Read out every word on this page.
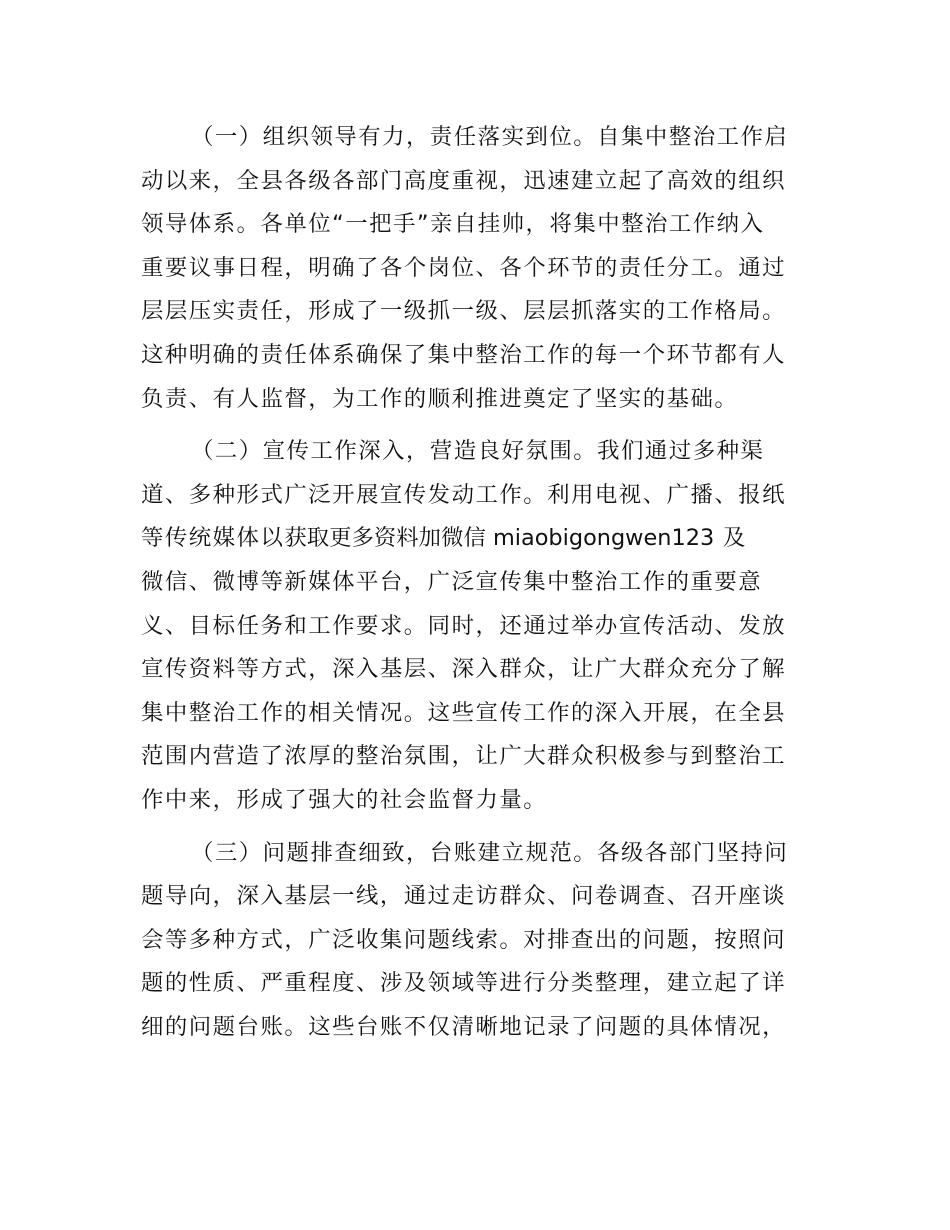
（一）组织领导有力，责任落实到位。自集中整治工作启
动以来，全县各级各部门高度重视，迅速建立起了高效的组织
领导体系。各单位“一把手”亲自挂帅，将集中整治工作纳入
重要议事日程，明确了各个岗位、各个环节的责任分工。通过
层层压实责任，形成了一级抓一级、层层抓落实的工作格局。
这种明确的责任体系确保了集中整治工作的每一个环节都有人
负责、有人监督，为工作的顺利推进奠定了坚实的基础。
（二）宣传工作深入，营造良好氛围。我们通过多种渠
道、多种形式广泛开展宣传发动工作。利用电视、广播、报纸
等传统媒体以获取更多资料加微信 miaobigongwen123 及
微信、微博等新媒体平台，广泛宣传集中整治工作的重要意
义、目标任务和工作要求。同时，还通过举办宣传活动、发放
宣传资料等方式，深入基层、深入群众，让广大群众充分了解
集中整治工作的相关情况。这些宣传工作的深入开展，在全县
范围内营造了浓厚的整治氛围，让广大群众积极参与到整治工
作中来，形成了强大的社会监督力量。
（三）问题排查细致，台账建立规范。各级各部门坚持问
题导向，深入基层一线，通过走访群众、问卷调查、召开座谈
会等多种方式，广泛收集问题线索。对排查出的问题，按照问
题的性质、严重程度、涉及领域等进行分类整理，建立起了详
细的问题台账。这些台账不仅清晰地记录了问题的具体情况，
